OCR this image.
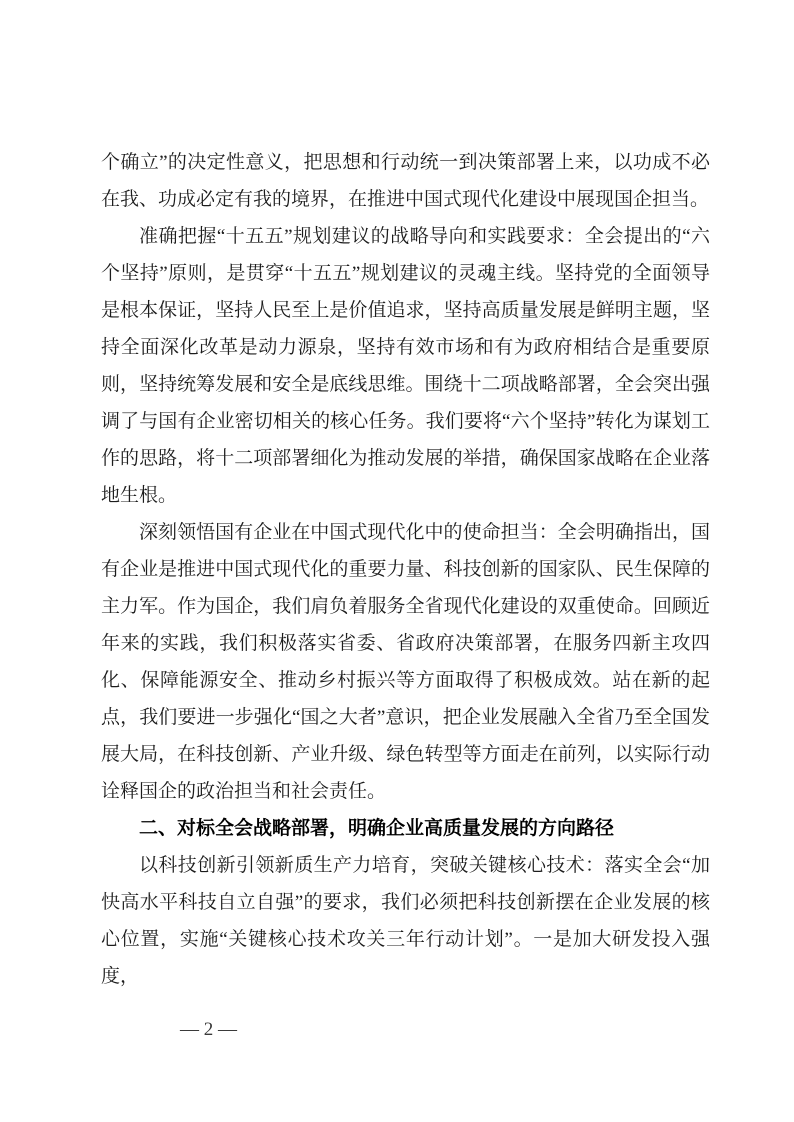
个确立”的决定性意义，把思想和行动统一到决策部署上来，以功成不必在我、功成必定有我的境界，在推进中国式现代化建设中展现国企担当。

准确把握“十五五”规划建议的战略导向和实践要求：全会提出的“六个坚持”原则，是贯穿“十五五”规划建议的灵魂主线。坚持党的全面领导是根本保证，坚持人民至上是价值追求，坚持高质量发展是鲜明主题，坚持全面深化改革是动力源泉，坚持有效市场和有为政府相结合是重要原则，坚持统筹发展和安全是底线思维。围绕十二项战略部署，全会突出强调了与国有企业密切相关的核心任务。我们要将“六个坚持”转化为谋划工作的思路，将十二项部署细化为推动发展的举措，确保国家战略在企业落地生根。

深刻领悟国有企业在中国式现代化中的使命担当：全会明确指出，国有企业是推进中国式现代化的重要力量、科技创新的国家队、民生保障的主力军。作为国企，我们肩负着服务全省现代化建设的双重使命。回顾近年来的实践，我们积极落实省委、省政府决策部署，在服务四新主攻四化、保障能源安全、推动乡村振兴等方面取得了积极成效。站在新的起点，我们要进一步强化“国之大者”意识，把企业发展融入全省乃至全国发展大局，在科技创新、产业升级、绿色转型等方面走在前列，以实际行动诠释国企的政治担当和社会责任。

二、对标全会战略部署，明确企业高质量发展的方向路径

以科技创新引领新质生产力培育，突破关键核心技术：落实全会“加快高水平科技自立自强”的要求，我们必须把科技创新摆在企业发展的核心位置，实施“关键核心技术攻关三年行动计划”。一是加大研发投入强度，

— 2 —
